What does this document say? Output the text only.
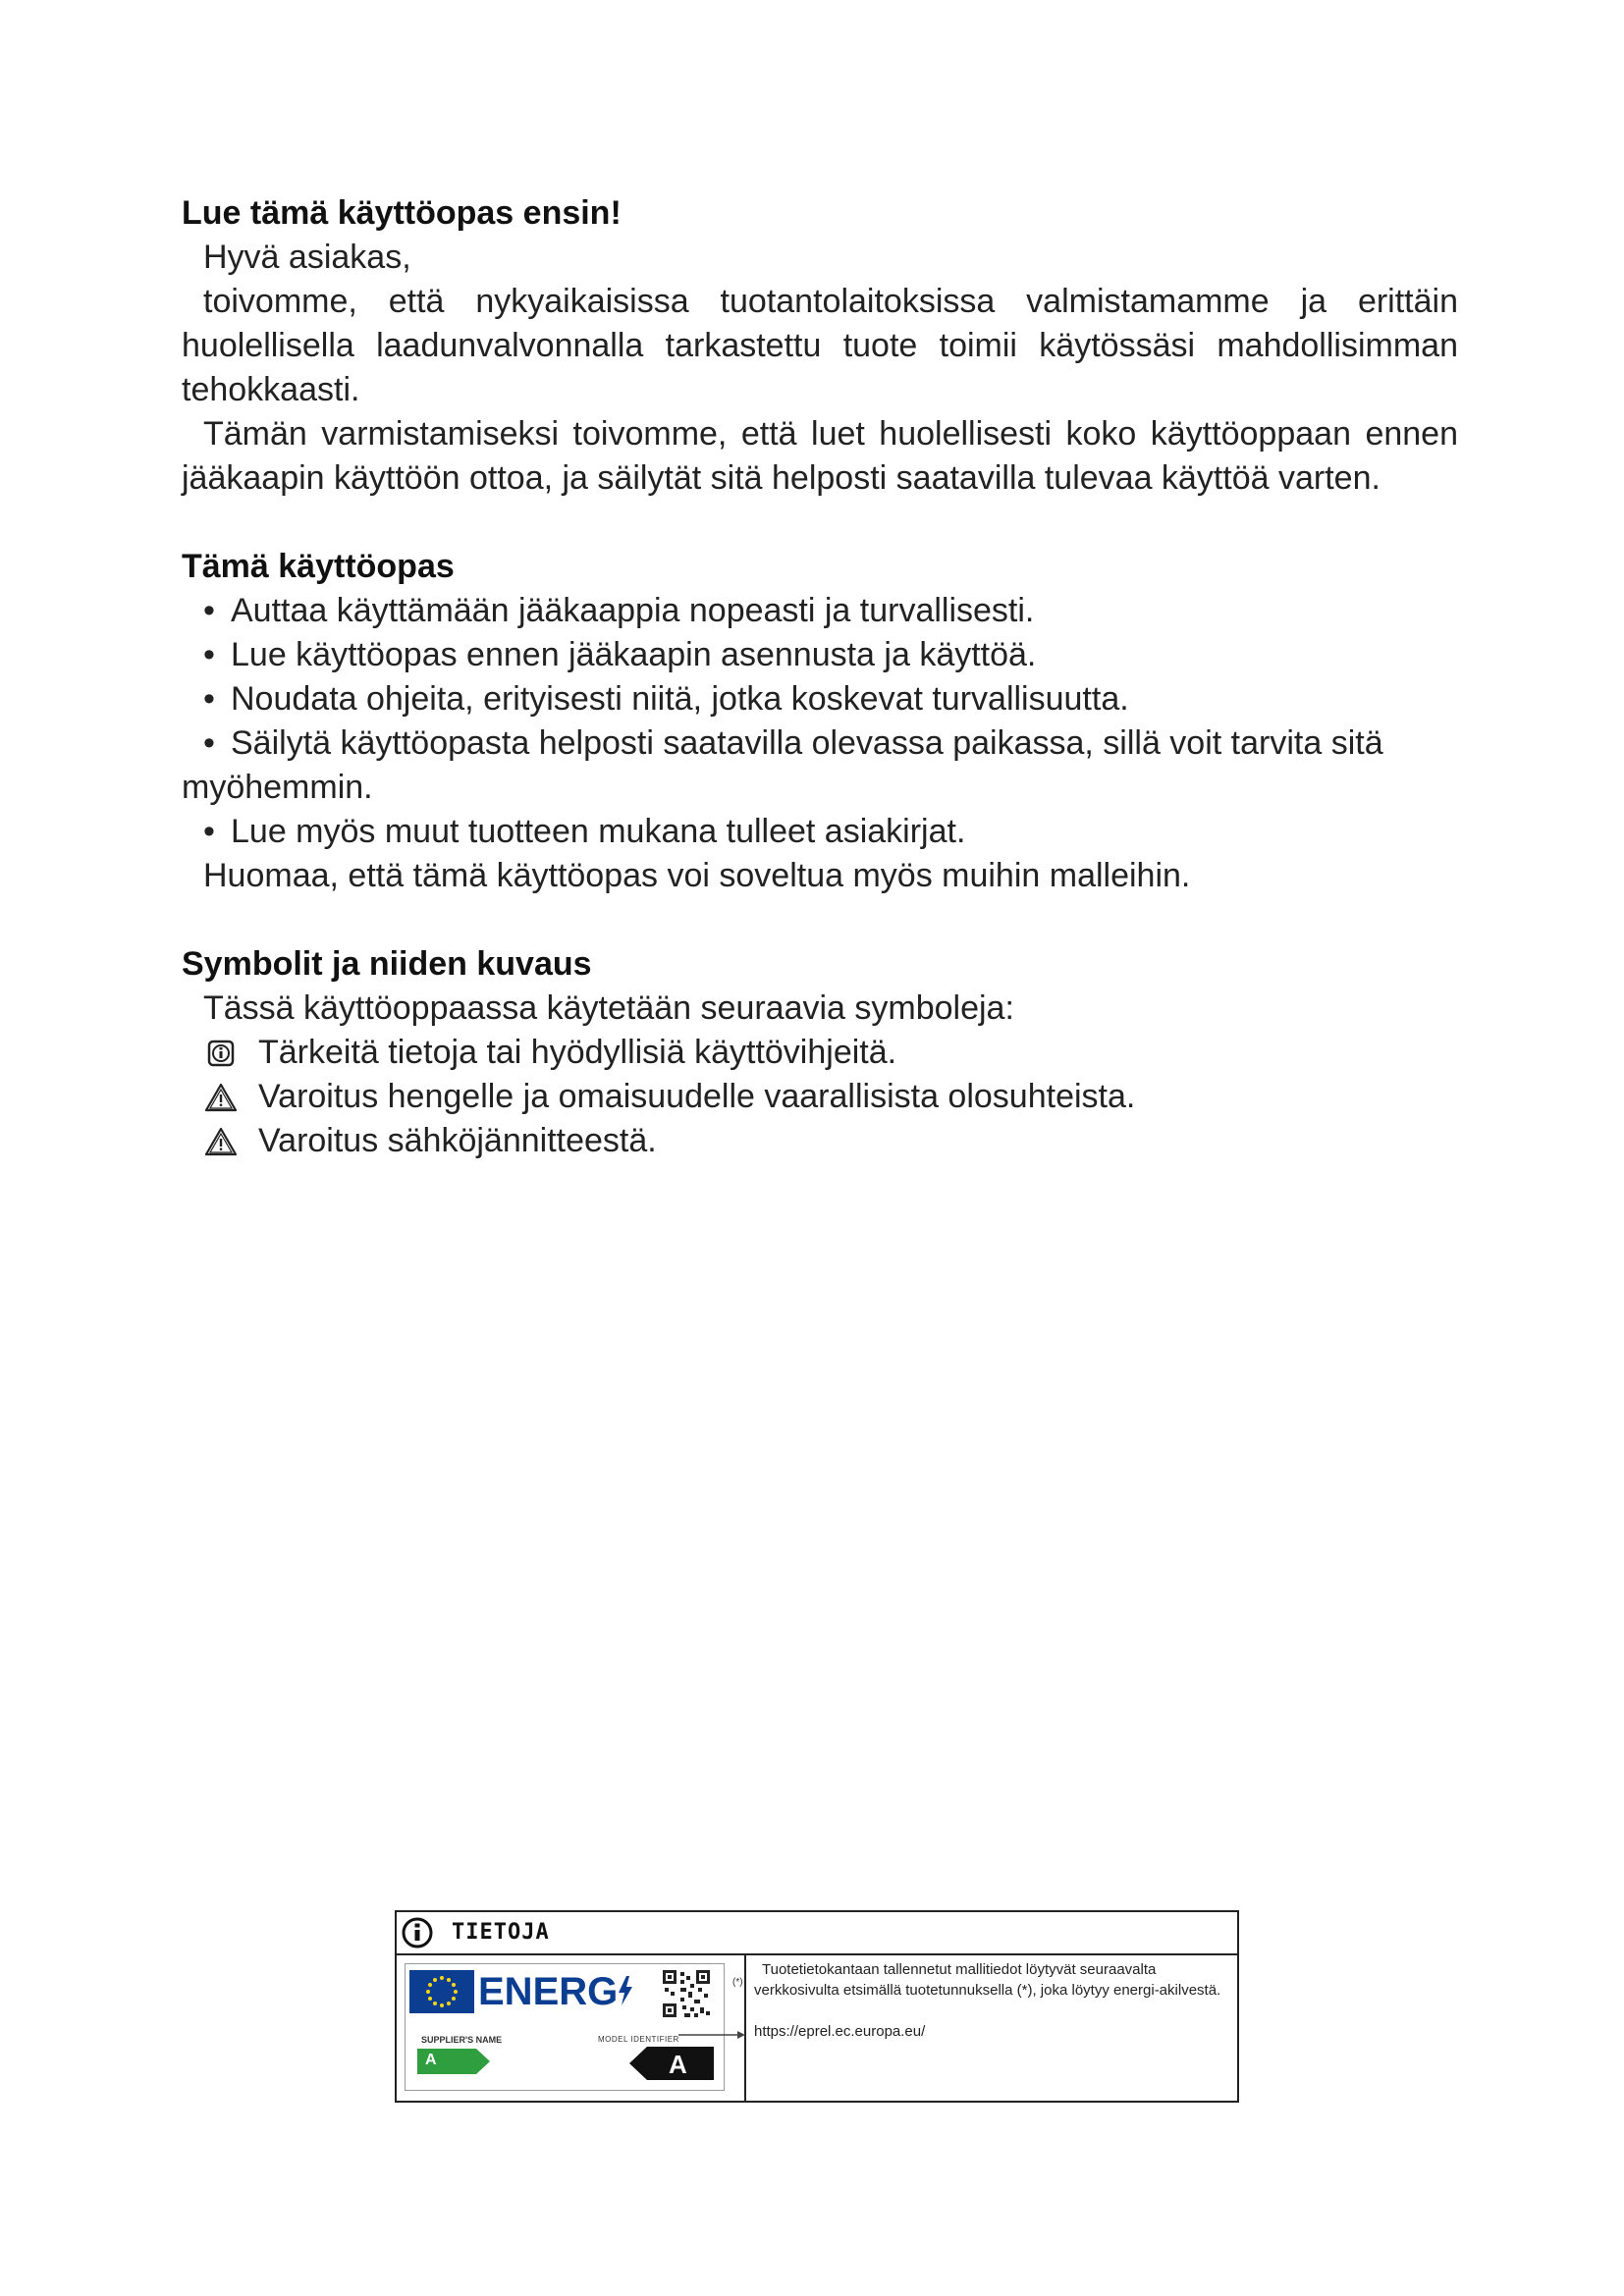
Lue tämä käyttöopas ensin!

Hyvä asiakas,

toivomme, että nykyaikaisissa tuotantolaitoksissa valmistamamme ja erittäin huolellisella laadunvalvonnalla tarkastettu tuote toimii käytössäsi mahdollisimman tehokkaasti.

Tämän varmistamiseksi toivomme, että luet huolellisesti koko käyttöoppaan ennen jääkaapin käyttöön ottoa, ja säilytät sitä helposti saatavilla tulevaa käyttöä varten.

Tämä käyttöopas
• Auttaa käyttämään jääkaappia nopeasti ja turvallisesti.
• Lue käyttöopas ennen jääkaapin asennusta ja käyttöä.
• Noudata ohjeita, erityisesti niitä, jotka koskevat turvallisuutta.
• Säilytä käyttöopasta helposti saatavilla olevassa paikassa, sillä voit tarvita sitä myöhemmin.
• Lue myös muut tuotteen mukana tulleet asiakirjat.

Huomaa, että tämä käyttöopas voi soveltua myös muihin malleihin.

Symbolit ja niiden kuvaus

Tässä käyttöoppaassa käytetään seuraavia symboleja:

Tärkeitä tietoja tai hyödyllisiä käyttövihjeitä.
Varoitus hengelle ja omaisuudelle vaarallisista olosuhteista.
Varoitus sähköjännitteestä.
TIETOJA
ENERG
SUPPLIER'S NAME	MODEL IDENTIFIER
A	A
(*)

Tuotetietokantaan tallennetut mallitiedot löytyvät seuraavalta verkkosivulta etsimällä tuotetunnuksella (*), joka löytyy energi-akilvestä.

https://eprel.ec.europa.eu/
